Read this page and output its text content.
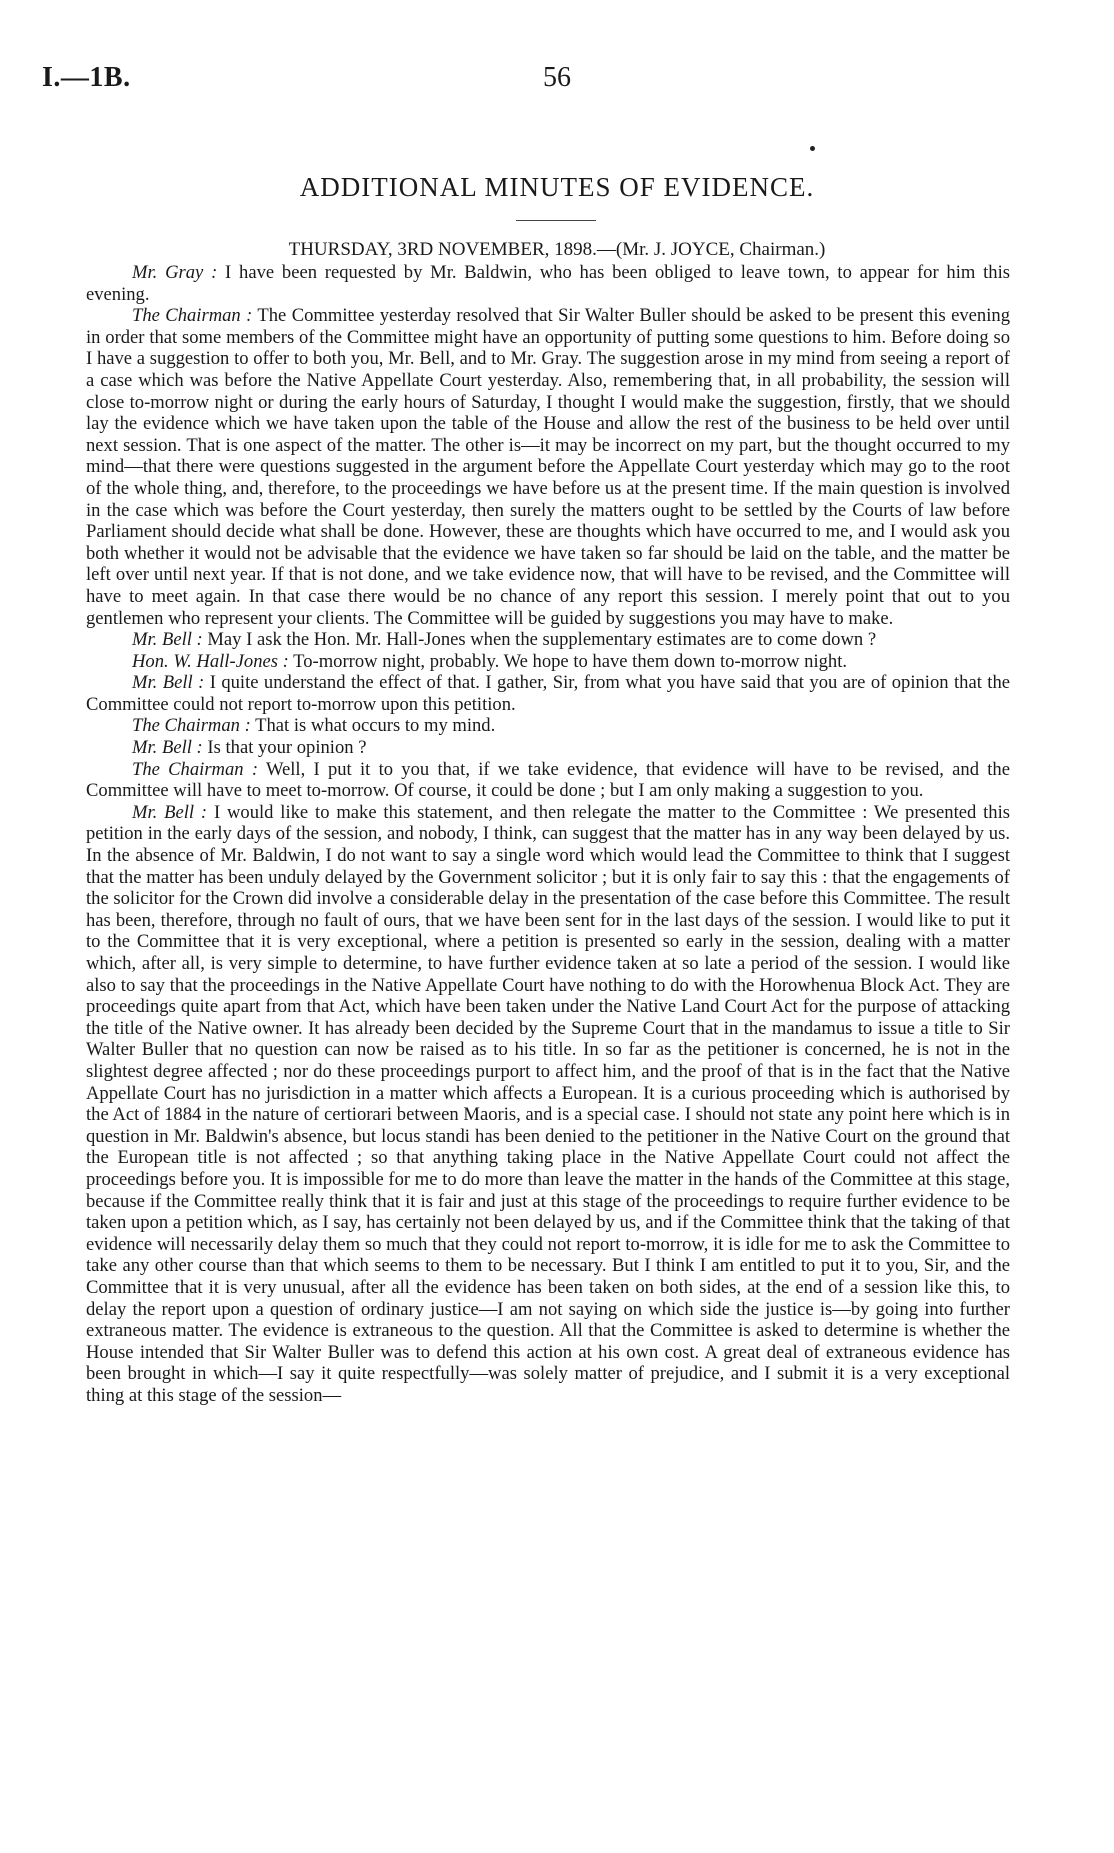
I.—1B.	56
ADDITIONAL MINUTES OF EVIDENCE.
THURSDAY, 3RD NOVEMBER, 1898.—(Mr. J. JOYCE, Chairman.)

Mr. Gray : I have been requested by Mr. Baldwin, who has been obliged to leave town, to appear for him this evening.

The Chairman : The Committee yesterday resolved that Sir Walter Buller should be asked to be present this evening in order that some members of the Committee might have an opportunity of putting some questions to him. Before doing so I have a suggestion to offer to both you, Mr. Bell, and to Mr. Gray. The suggestion arose in my mind from seeing a report of a case which was before the Native Appellate Court yesterday. Also, remembering that, in all probability, the session will close to-morrow night or during the early hours of Saturday, I thought I would make the suggestion, firstly, that we should lay the evidence which we have taken upon the table of the House and allow the rest of the business to be held over until next session. That is one aspect of the matter. The other is—it may be incorrect on my part, but the thought occurred to my mind—that there were questions suggested in the argument before the Appellate Court yesterday which may go to the root of the whole thing, and, therefore, to the proceedings we have before us at the present time. If the main question is involved in the case which was before the Court yesterday, then surely the matters ought to be settled by the Courts of law before Parliament should decide what shall be done. However, these are thoughts which have occurred to me, and I would ask you both whether it would not be advisable that the evidence we have taken so far should be laid on the table, and the matter be left over until next year. If that is not done, and we take evidence now, that will have to be revised, and the Committee will have to meet again. In that case there would be no chance of any report this session. I merely point that out to you gentlemen who represent your clients. The Committee will be guided by suggestions you may have to make.

Mr. Bell : May I ask the Hon. Mr. Hall-Jones when the supplementary estimates are to come down ?

Hon. W. Hall-Jones : To-morrow night, probably. We hope to have them down to-morrow night.

Mr. Bell : I quite understand the effect of that. I gather, Sir, from what you have said that you are of opinion that the Committee could not report to-morrow upon this petition.

The Chairman : That is what occurs to my mind.

Mr. Bell : Is that your opinion ?

The Chairman : Well, I put it to you that, if we take evidence, that evidence will have to be revised, and the Committee will have to meet to-morrow. Of course, it could be done ; but I am only making a suggestion to you.

Mr. Bell : I would like to make this statement, and then relegate the matter to the Committee : We presented this petition in the early days of the session, and nobody, I think, can suggest that the matter has in any way been delayed by us. In the absence of Mr. Baldwin, I do not want to say a single word which would lead the Committee to think that I suggest that the matter has been unduly delayed by the Government solicitor ; but it is only fair to say this : that the engagements of the solicitor for the Crown did involve a considerable delay in the presentation of the case before this Committee. The result has been, therefore, through no fault of ours, that we have been sent for in the last days of the session. I would like to put it to the Committee that it is very exceptional, where a petition is presented so early in the session, dealing with a matter which, after all, is very simple to determine, to have further evidence taken at so late a period of the session. I would like also to say that the proceedings in the Native Appellate Court have nothing to do with the Horowhenua Block Act. They are proceedings quite apart from that Act, which have been taken under the Native Land Court Act for the purpose of attacking the title of the Native owner. It has already been decided by the Supreme Court that in the mandamus to issue a title to Sir Walter Buller that no question can now be raised as to his title. In so far as the petitioner is concerned, he is not in the slightest degree affected ; nor do these proceedings purport to affect him, and the proof of that is in the fact that the Native Appellate Court has no jurisdiction in a matter which affects a European. It is a curious proceeding which is authorised by the Act of 1884 in the nature of certiorari between Maoris, and is a special case. I should not state any point here which is in question in Mr. Baldwin's absence, but locus standi has been denied to the petitioner in the Native Court on the ground that the European title is not affected ; so that anything taking place in the Native Appellate Court could not affect the proceedings before you. It is impossible for me to do more than leave the matter in the hands of the Committee at this stage, because if the Committee really think that it is fair and just at this stage of the proceedings to require further evidence to be taken upon a petition which, as I say, has certainly not been delayed by us, and if the Committee think that the taking of that evidence will necessarily delay them so much that they could not report to-morrow, it is idle for me to ask the Committee to take any other course than that which seems to them to be necessary. But I think I am entitled to put it to you, Sir, and the Committee that it is very unusual, after all the evidence has been taken on both sides, at the end of a session like this, to delay the report upon a question of ordinary justice—I am not saying on which side the justice is—by going into further extraneous matter. The evidence is extraneous to the question. All that the Committee is asked to determine is whether the House intended that Sir Walter Buller was to defend this action at his own cost. A great deal of extraneous evidence has been brought in which—I say it quite respectfully—was solely matter of prejudice, and I submit it is a very exceptional thing at this stage of the session—
